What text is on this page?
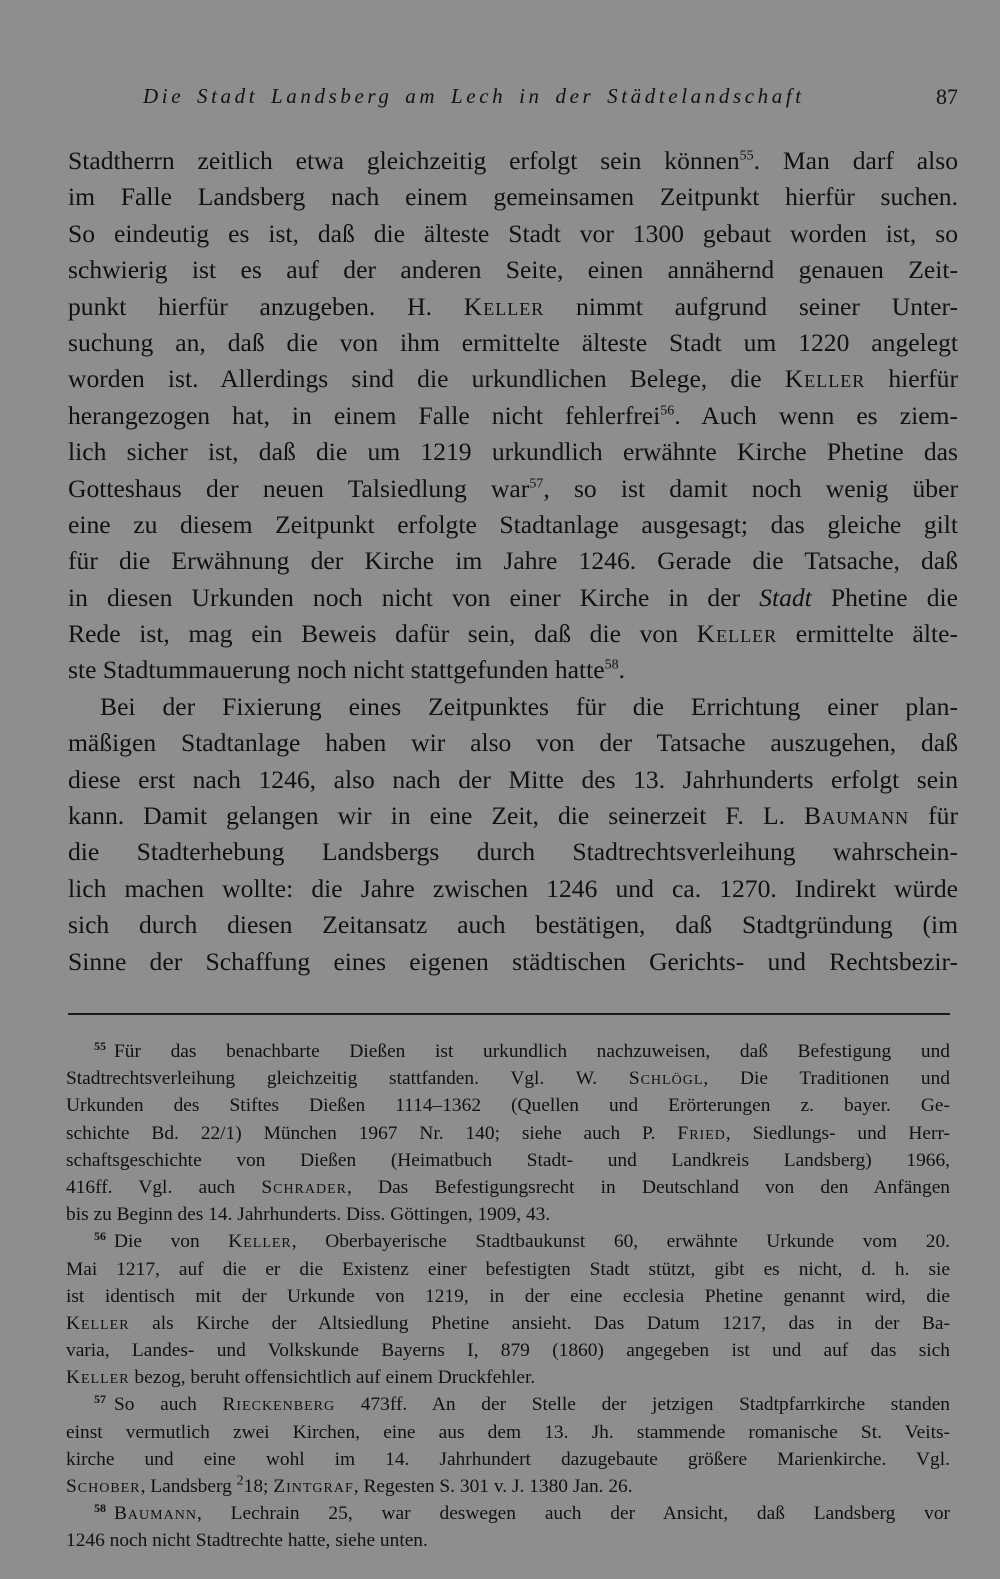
Die Stadt Landsberg am Lech in der Städtelandschaft	87
Stadtherrn zeitlich etwa gleichzeitig erfolgt sein können$^{55}$. Man darf also
im Falle Landsberg nach einem gemeinsamen Zeitpunkt hierfür suchen.
So eindeutig es ist, daß die älteste Stadt vor 1300 gebaut worden ist, so
schwierig ist es auf der anderen Seite, einen annähernd genauen Zeit-
punkt hierfür anzugeben. H. Keller nimmt aufgrund seiner Unter-
suchung an, daß die von ihm ermittelte älteste Stadt um 1220 angelegt
worden ist. Allerdings sind die urkundlichen Belege, die Keller hierfür
herangezogen hat, in einem Falle nicht fehlerfrei$^{56}$. Auch wenn es ziem-
lich sicher ist, daß die um 1219 urkundlich erwähnte Kirche Phetine das
Gotteshaus der neuen Talsiedlung war$^{57}$, so ist damit noch wenig über
eine zu diesem Zeitpunkt erfolgte Stadtanlage ausgesagt; das gleiche gilt
für die Erwähnung der Kirche im Jahre 1246. Gerade die Tatsache, daß
in diesen Urkunden noch nicht von einer Kirche in der Stadt Phetine die
Rede ist, mag ein Beweis dafür sein, daß die von Keller ermittelte älte-
ste Stadtummauerung noch nicht stattgefunden hatte$^{58}$.
Bei der Fixierung eines Zeitpunktes für die Errichtung einer plan-
mäßigen Stadtanlage haben wir also von der Tatsache auszugehen, daß
diese erst nach 1246, also nach der Mitte des 13. Jahrhunderts erfolgt sein
kann. Damit gelangen wir in eine Zeit, die seinerzeit F. L. Baumann für
die Stadterhebung Landsbergs durch Stadtrechtsverleihung wahrschein-
lich machen wollte: die Jahre zwischen 1246 und ca. 1270. Indirekt würde
sich durch diesen Zeitansatz auch bestätigen, daß Stadtgründung (im
Sinne der Schaffung eines eigenen städtischen Gerichts- und Rechtsbezir-
$^{55}$ Für das benachbarte Dießen ist urkundlich nachzuweisen, daß Befestigung und
Stadtrechtsverleihung gleichzeitig stattfanden. Vgl. W. Schlögl, Die Traditionen und
Urkunden des Stiftes Dießen 1114–1362 (Quellen und Erörterungen z. bayer. Ge-
schichte Bd. 22/1) München 1967 Nr. 140; siehe auch P. Fried, Siedlungs- und Herr-
schaftsgeschichte von Dießen (Heimatbuch Stadt- und Landkreis Landsberg) 1966,
416ff. Vgl. auch Schrader, Das Befestigungsrecht in Deutschland von den Anfängen
bis zu Beginn des 14. Jahrhunderts. Diss. Göttingen, 1909, 43.
$^{56}$ Die von Keller, Oberbayerische Stadtbaukunst 60, erwähnte Urkunde vom 20.
Mai 1217, auf die er die Existenz einer befestigten Stadt stützt, gibt es nicht, d. h. sie
ist identisch mit der Urkunde von 1219, in der eine ecclesia Phetine genannt wird, die
Keller als Kirche der Altsiedlung Phetine ansieht. Das Datum 1217, das in der Ba-
varia, Landes- und Volkskunde Bayerns I, 879 (1860) angegeben ist und auf das sich
Keller bezog, beruht offensichtlich auf einem Druckfehler.
$^{57}$ So auch Rieckenberg 473ff. An der Stelle der jetzigen Stadtpfarrkirche standen
einst vermutlich zwei Kirchen, eine aus dem 13. Jh. stammende romanische St. Veits-
kirche und eine wohl im 14. Jahrhundert dazugebaute größere Marienkirche. Vgl.
Schober, Landsberg $^2$18; Zintgraf, Regesten S. 301 v. J. 1380 Jan. 26.
$^{58}$ Baumann, Lechrain 25, war deswegen auch der Ansicht, daß Landsberg vor
1246 noch nicht Stadtrechte hatte, siehe unten.
